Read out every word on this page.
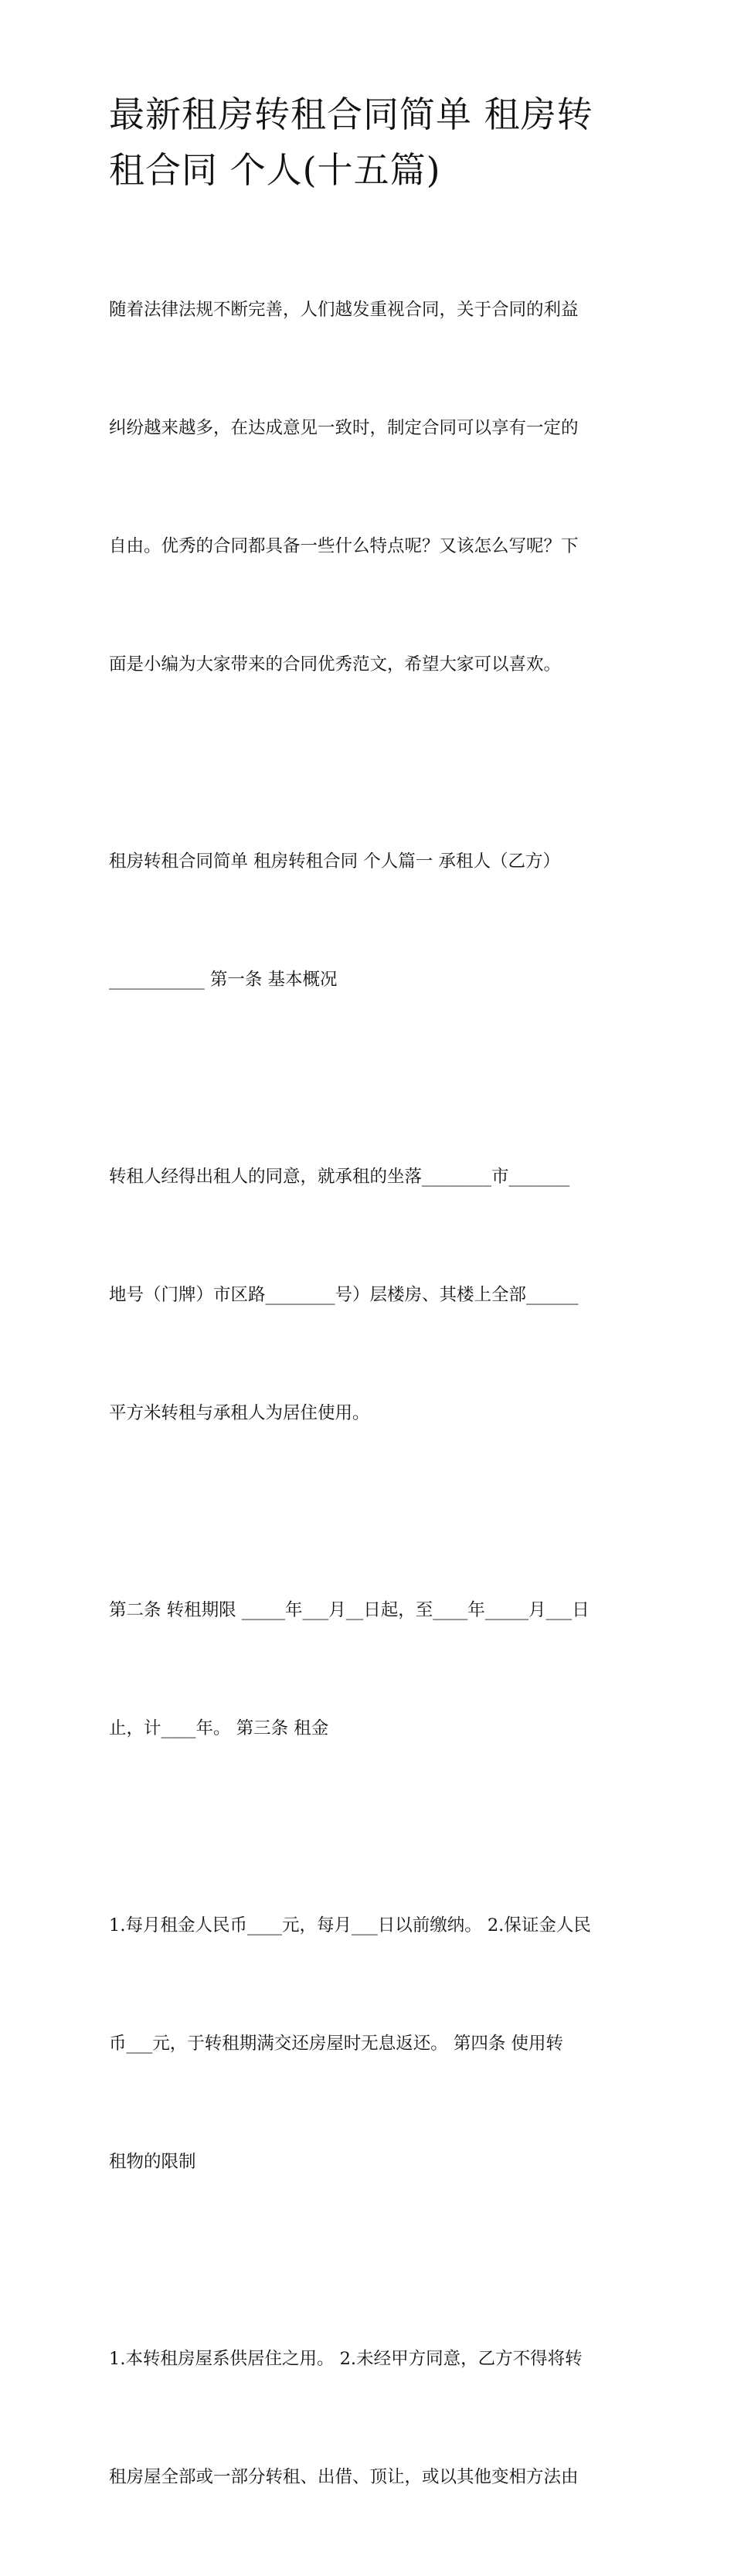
最新租房转租合同简单 租房转
租合同 个人(十五篇)

随着法律法规不断完善，人们越发重视合同，关于合同的利益

纠纷越来越多，在达成意见一致时，制定合同可以享有一定的

自由。优秀的合同都具备一些什么特点呢？又该怎么写呢？下

面是小编为大家带来的合同优秀范文，希望大家可以喜欢。

租房转租合同简单 租房转租合同 个人篇一 承租人（乙方）

___________ 第一条 基本概况

转租人经得出租人的同意，就承租的坐落________市_______

地号（门牌）市区路________号）层楼房、其楼上全部______

平方米转租与承租人为居住使用。

第二条 转租期限 _____年___月__日起，至____年_____月___日

止，计____年。 第三条 租金

1.每月租金人民币____元，每月___日以前缴纳。 2.保证金人民

币___元，于转租期满交还房屋时无息返还。 第四条 使用转

租物的限制

1.本转租房屋系供居住之用。 2.未经甲方同意，乙方不得将转

租房屋全部或一部分转租、出借、顶让，或以其他变相方法由
